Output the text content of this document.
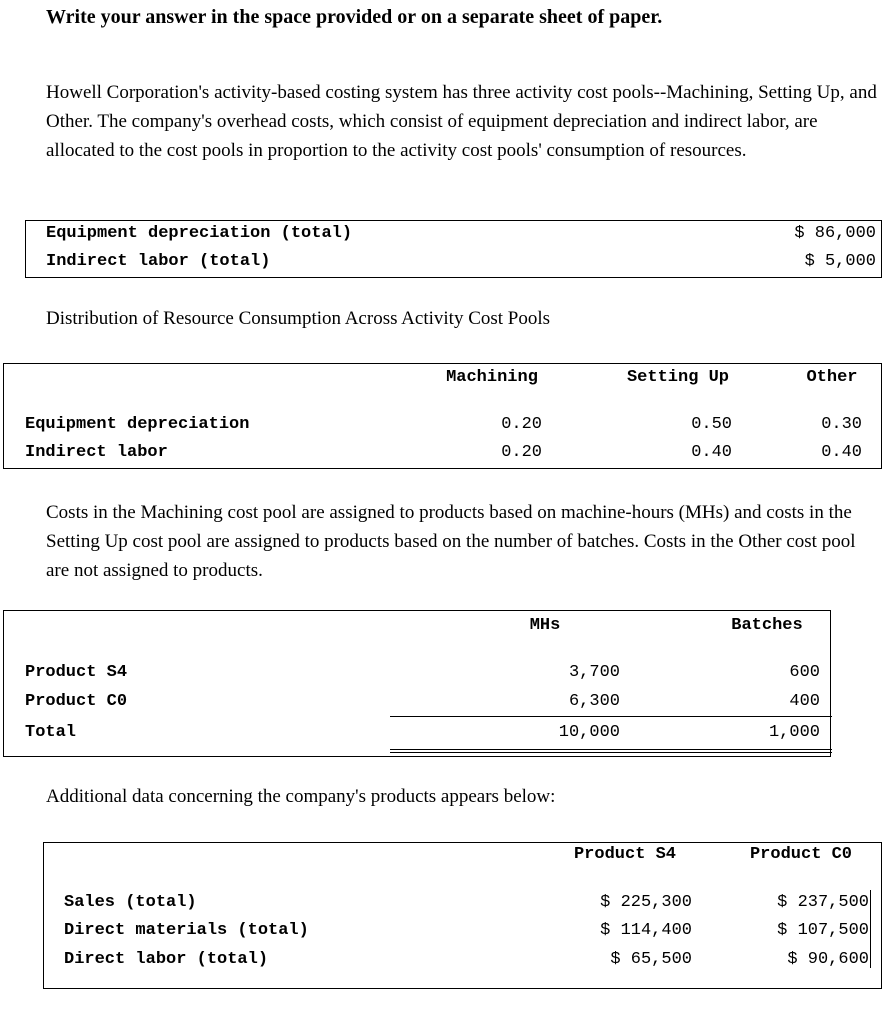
Write your answer in the space provided or on a separate sheet of paper.
Howell Corporation's activity-based costing system has three activity cost pools--Machining, Setting Up, and Other. The company's overhead costs, which consist of equipment depreciation and indirect labor, are allocated to the cost pools in proportion to the activity cost pools' consumption of resources.
Equipment depreciation (total)	$ 86,000
Indirect labor (total)	$ 5,000
Distribution of Resource Consumption Across Activity Cost Pools
Machining	Setting Up	Other
Equipment depreciation	0.20	0.50	0.30
Indirect labor	0.20	0.40	0.40
Costs in the Machining cost pool are assigned to products based on machine-hours (MHs) and costs in the Setting Up cost pool are assigned to products based on the number of batches. Costs in the Other cost pool are not assigned to products.
MHs	Batches
Product S4	3,700	600
Product C0	6,300	400
Total	10,000	1,000
Additional data concerning the company's products appears below:
Product S4	Product C0
Sales (total)	$ 225,300	$ 237,500
Direct materials (total)	$ 114,400	$ 107,500
Direct labor (total)	$ 65,500	$ 90,600
